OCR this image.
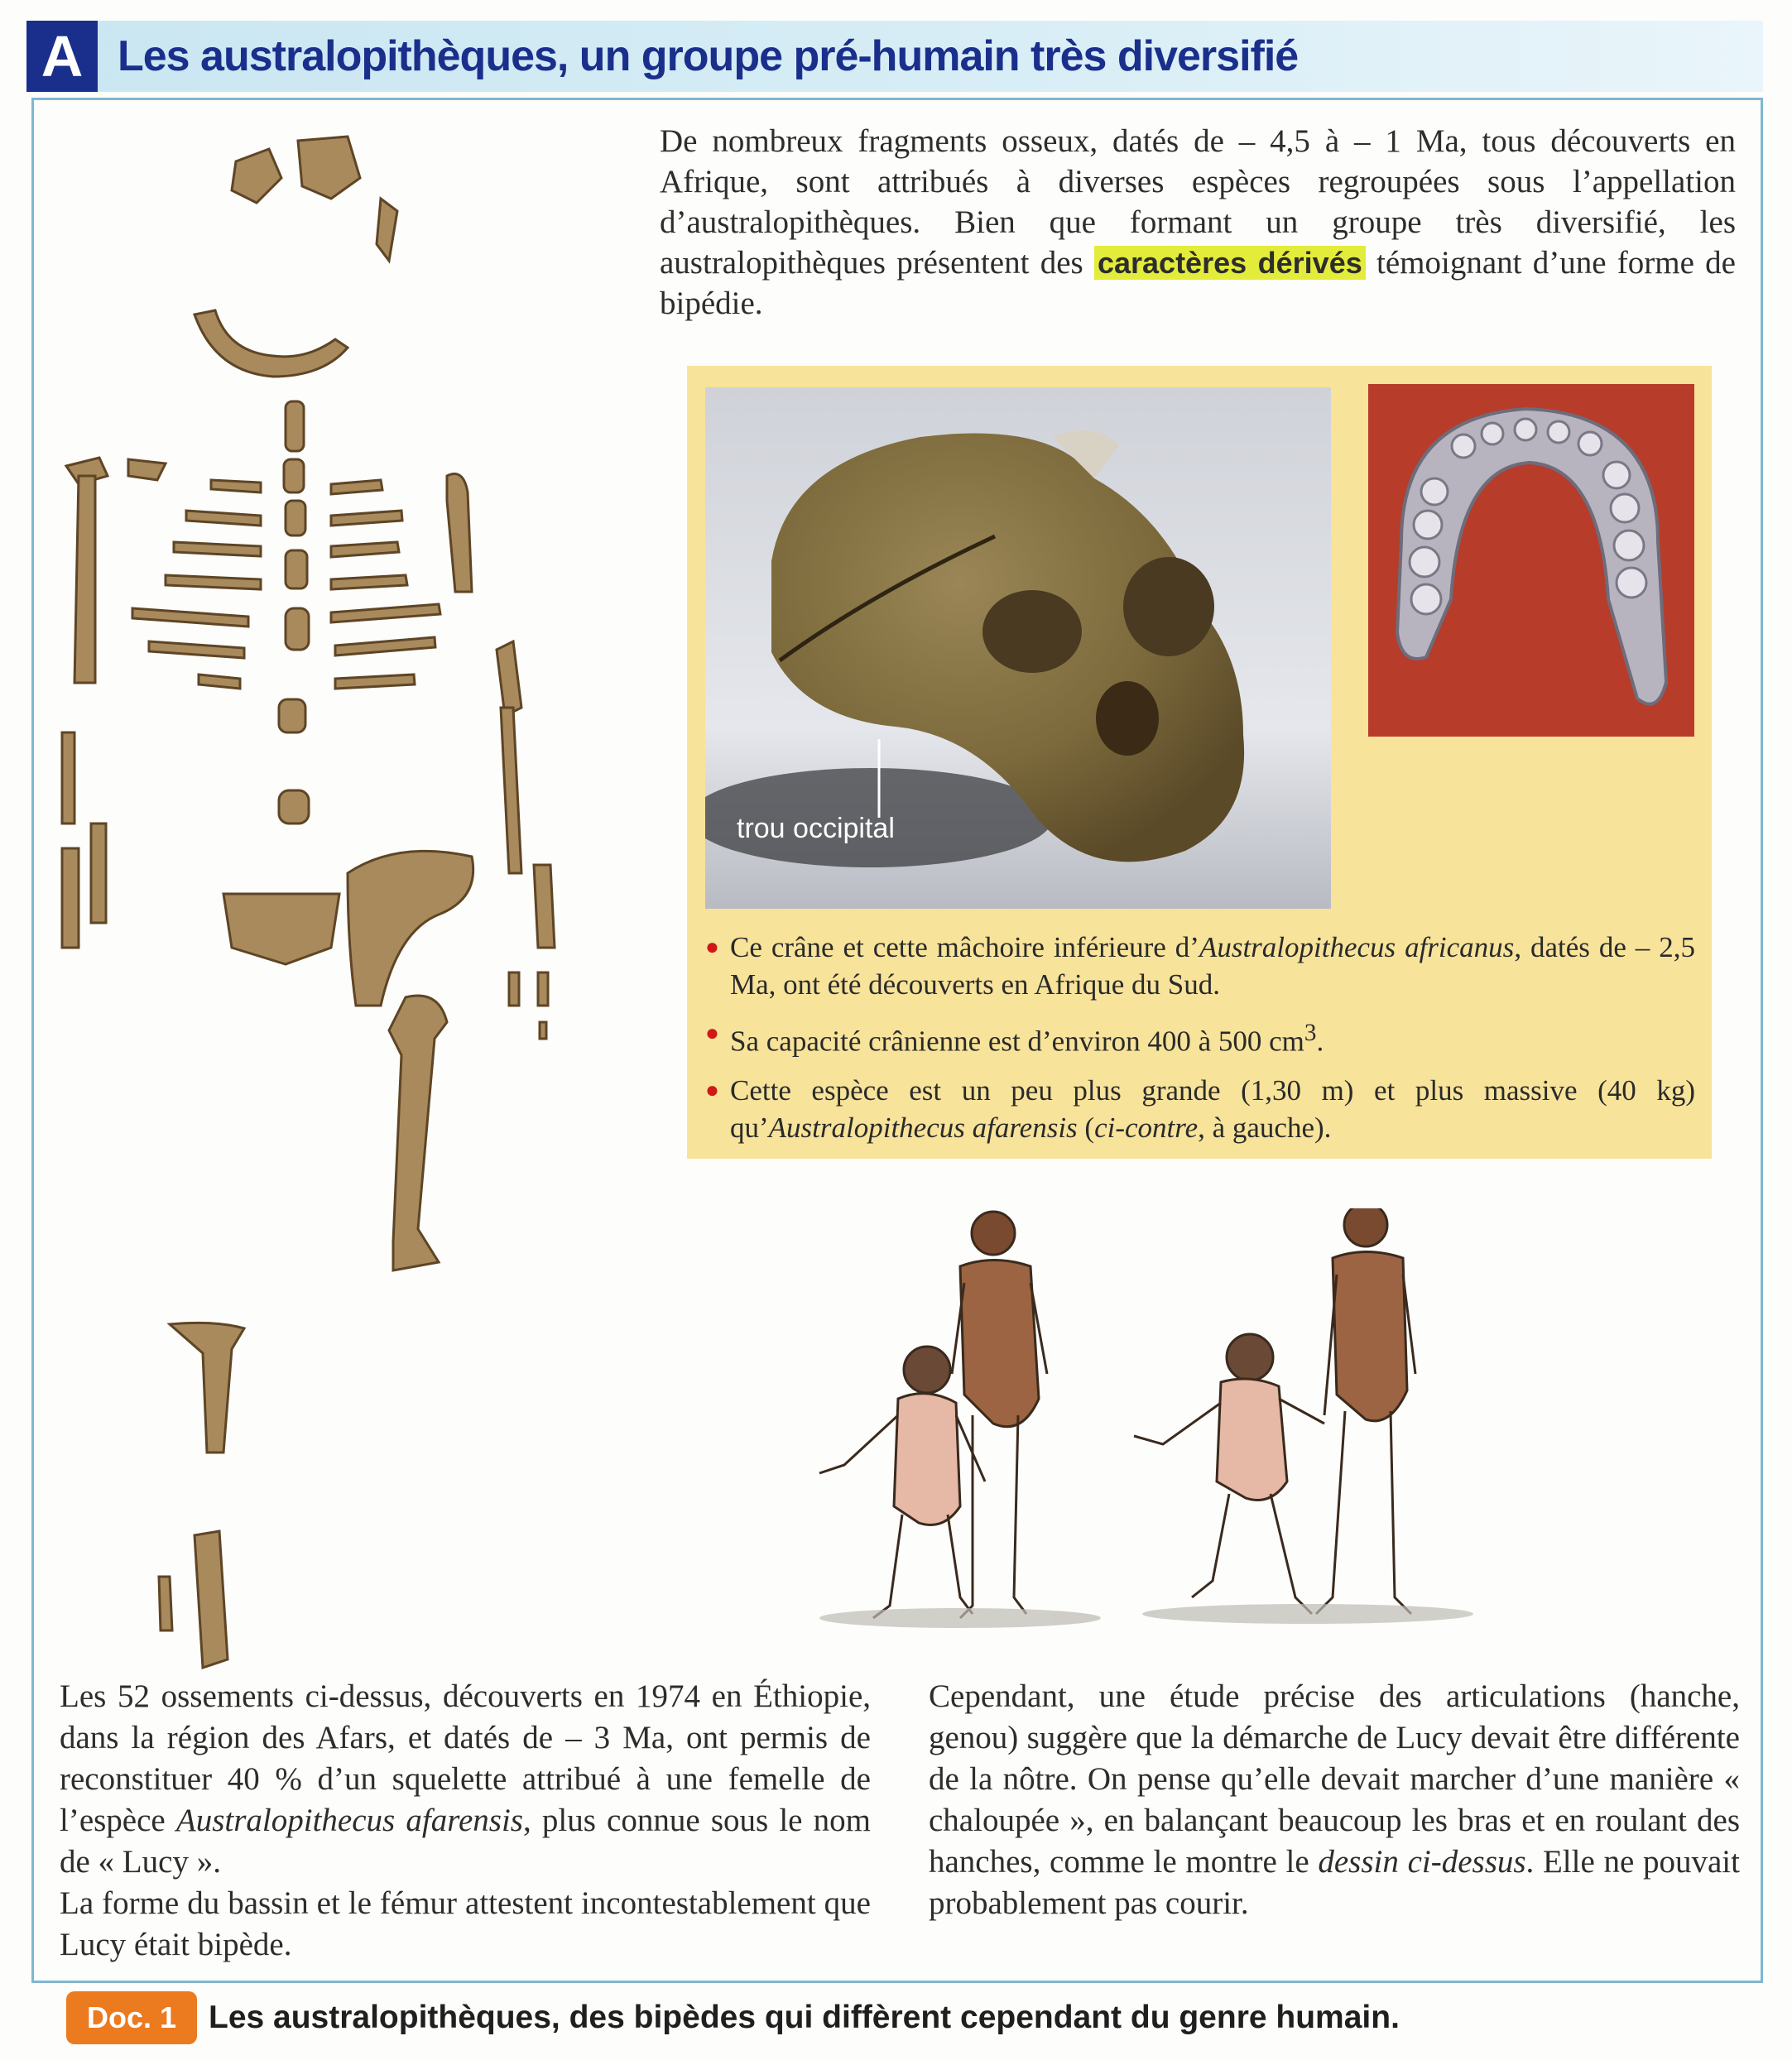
A Les australopithèques, un groupe pré-humain très diversifié

De nombreux fragments osseux, datés de – 4,5 à – 1 Ma, tous découverts en Afrique, sont attribués à diverses espèces regroupées sous l’appellation d’australopithèques. Bien que formant un groupe très diversifié, les australopithèques présentent des caractères dérivés témoignant d’une forme de bipédie.

trou occipital
● Ce crâne et cette mâchoire inférieure d’Australopithecus africanus, datés de – 2,5 Ma, ont été découverts en Afrique du Sud.
● Sa capacité crânienne est d’environ 400 à 500 $cm^3$.
● Cette espèce est un peu plus grande (1,30 m) et plus massive (40 kg) qu’Australopithecus afarensis (ci-contre, à gauche).
Les 52 ossements ci-dessus, découverts en 1974 en Éthiopie, dans la région des Afars, et datés de – 3 Ma, ont permis de reconstituer 40 % d’un squelette attribué à une femelle de l’espèce Australopithecus afarensis, plus connue sous le nom de « Lucy ».
La forme du bassin et le fémur attestent incontestablement que Lucy était bipède.
Cependant, une étude précise des articulations (hanche, genou) suggère que la démarche de Lucy devait être différente de la nôtre. On pense qu’elle devait marcher d’une manière « chaloupée », en balançant beaucoup les bras et en roulant des hanches, comme le montre le dessin ci-dessus. Elle ne pouvait probablement pas courir.
Doc. 1 Les australopithèques, des bipèdes qui diffèrent cependant du genre humain.
